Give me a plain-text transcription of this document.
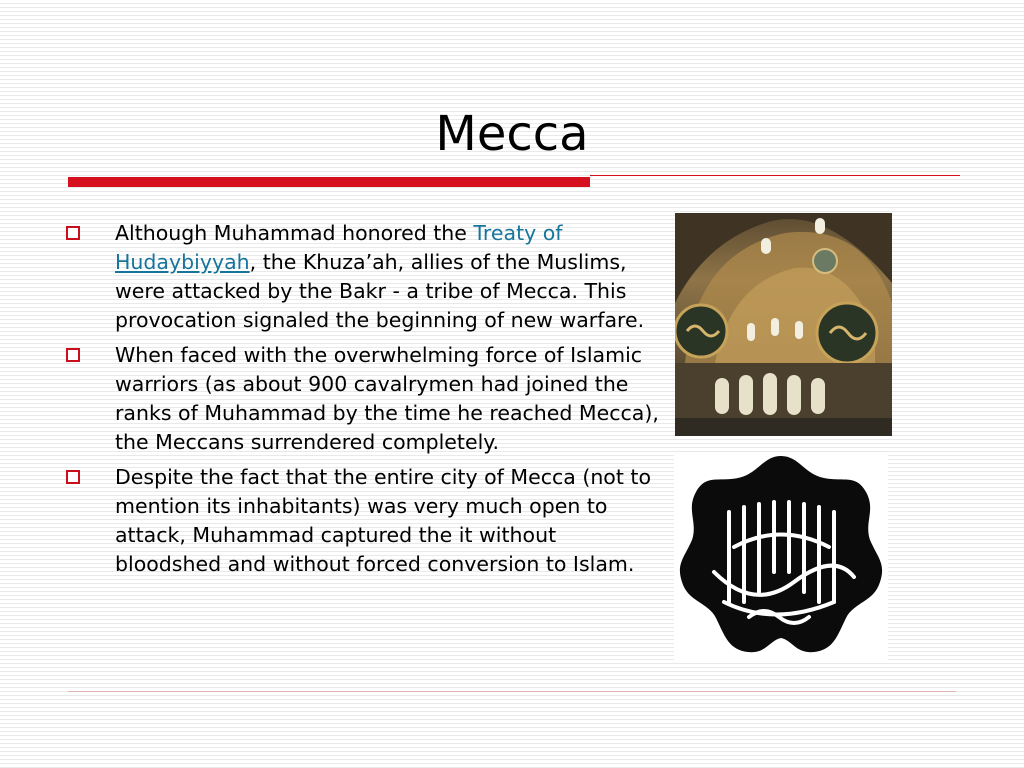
Mecca
Although Muhammad honored the Treaty of
Hudaybiyyah, the Khuza’ah, allies of the Muslims, were attacked by the Bakr - a tribe of Mecca. This provocation signaled the beginning of new warfare.
When faced with the overwhelming force of Islamic warriors (as about 900 cavalrymen had joined the ranks of Muhammad by the time he reached Mecca), the Meccans surrendered completely.
Despite the fact that the entire city of Mecca (not to mention its inhabitants) was very much open to attack, Muhammad captured the it without bloodshed and without forced conversion to Islam.
